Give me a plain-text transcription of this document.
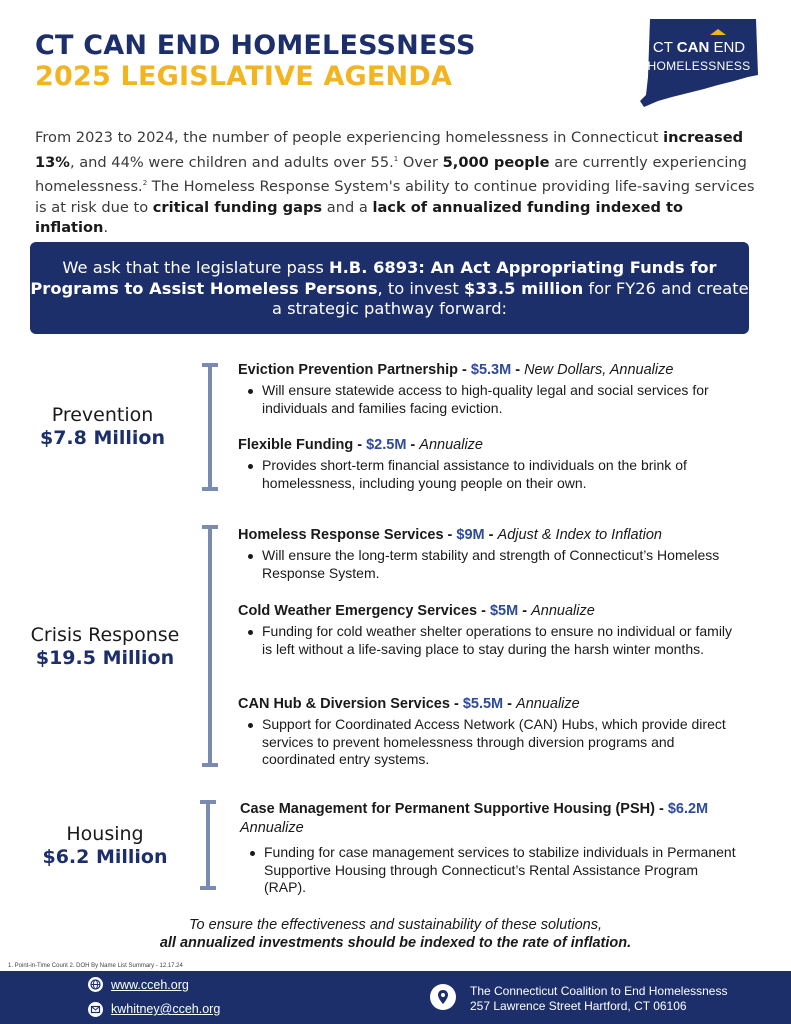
CT CAN END HOMELESSNESS
2025 LEGISLATIVE AGENDA
CT CAN END
HOMELESSNESS
From 2023 to 2024, the number of people experiencing homelessness in Connecticut increased 13%, and 44% were children and adults over 55.$^1$ Over 5,000 people are currently experiencing homelessness.$^2$ The Homeless Response System's ability to continue providing life-saving services is at risk due to critical funding gaps and a lack of annualized funding indexed to inflation.
We ask that the legislature pass H.B. 6893: An Act Appropriating Funds for Programs to Assist Homeless Persons, to invest $33.5 million for FY26 and create a strategic pathway forward:
Prevention
$7.8 Million
Eviction Prevention Partnership - $5.3M - New Dollars, Annualize
Will ensure statewide access to high-quality legal and social services for individuals and families facing eviction.
Flexible Funding - $2.5M - Annualize
Provides short-term financial assistance to individuals on the brink of homelessness, including young people on their own.
Crisis Response
$19.5 Million
Homeless Response Services - $9M - Adjust & Index to Inflation
Will ensure the long-term stability and strength of Connecticut’s Homeless Response System.
Cold Weather Emergency Services - $5M - Annualize
Funding for cold weather shelter operations to ensure no individual or family is left without a life-saving place to stay during the harsh winter months.
CAN Hub & Diversion Services - $5.5M - Annualize
Support for Coordinated Access Network (CAN) Hubs, which provide direct services to prevent homelessness through diversion programs and coordinated entry systems.
Housing
$6.2 Million
Case Management for Permanent Supportive Housing (PSH) - $6.2M
Annualize
Funding for case management services to stabilize individuals in Permanent Supportive Housing through Connecticut’s Rental Assistance Program (RAP).
To ensure the effectiveness and sustainability of these solutions,
all annualized investments should be indexed to the rate of inflation.
1. Point-in-Time Count 2. DOH By Name List Summary - 12.17.24
www.cceh.org
kwhitney@cceh.org
The Connecticut Coalition to End Homelessness
257 Lawrence Street Hartford, CT 06106
